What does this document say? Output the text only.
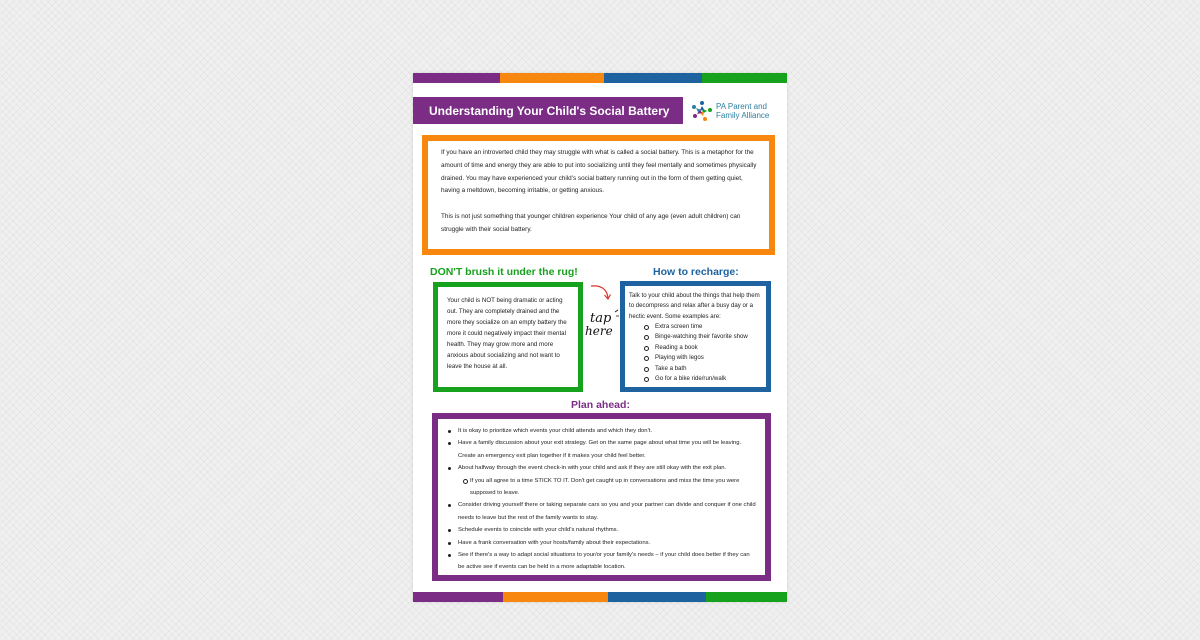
Understanding Your Child's Social Battery	PA Parent and
Family Alliance

If you have an introverted child they may struggle with what is called a social battery. This is a metaphor for the amount of time and energy they are able to put into socializing until they feel mentally and sometimes physically drained. You may have experienced your child's social battery running out in the form of them getting quiet, having a meltdown, becoming irritable, or getting anxious.

This is not just something that younger children experience Your child of any age (even adult children) can struggle with their social battery.

DON'T brush it under the rug!	How to recharge:

Your child is NOT being dramatic or acting out. They are completely drained and the more they socialize on an empty battery the more it could negatively impact their mental health. They may grow more and more anxious about socializing and not want to leave the house at all.

tap
here

Talk to your child about the things that help them to decompress and relax after a busy day or a hectic event. Some examples are:

Extra screen time
Binge-watching their favorite show
Reading a book
Playing with legos
Take a bath
Go for a bike ride/run/walk
Plan ahead:
It is okay to prioritize which events your child attends and which they don't.
Have a family discussion about your exit strategy. Get on the same page about what time you will be leaving. Create an emergency exit plan together if it makes your child feel better.
About halfway through the event check-in with your child and ask if they are still okay with the exit plan.
If you all agree to a time STICK TO IT. Don't get caught up in conversations and miss the time you were supposed to leave.
Consider driving yourself there or taking separate cars so you and your partner can divide and conquer if one child needs to leave but the rest of the family wants to stay.
Schedule events to coincide with your child's natural rhythms.
Have a frank conversation with your hosts/family about their expectations.
See if there's a way to adapt social situations to your/or your family's needs – if your child does better if they can be active see if events can be held in a more adaptable location.
